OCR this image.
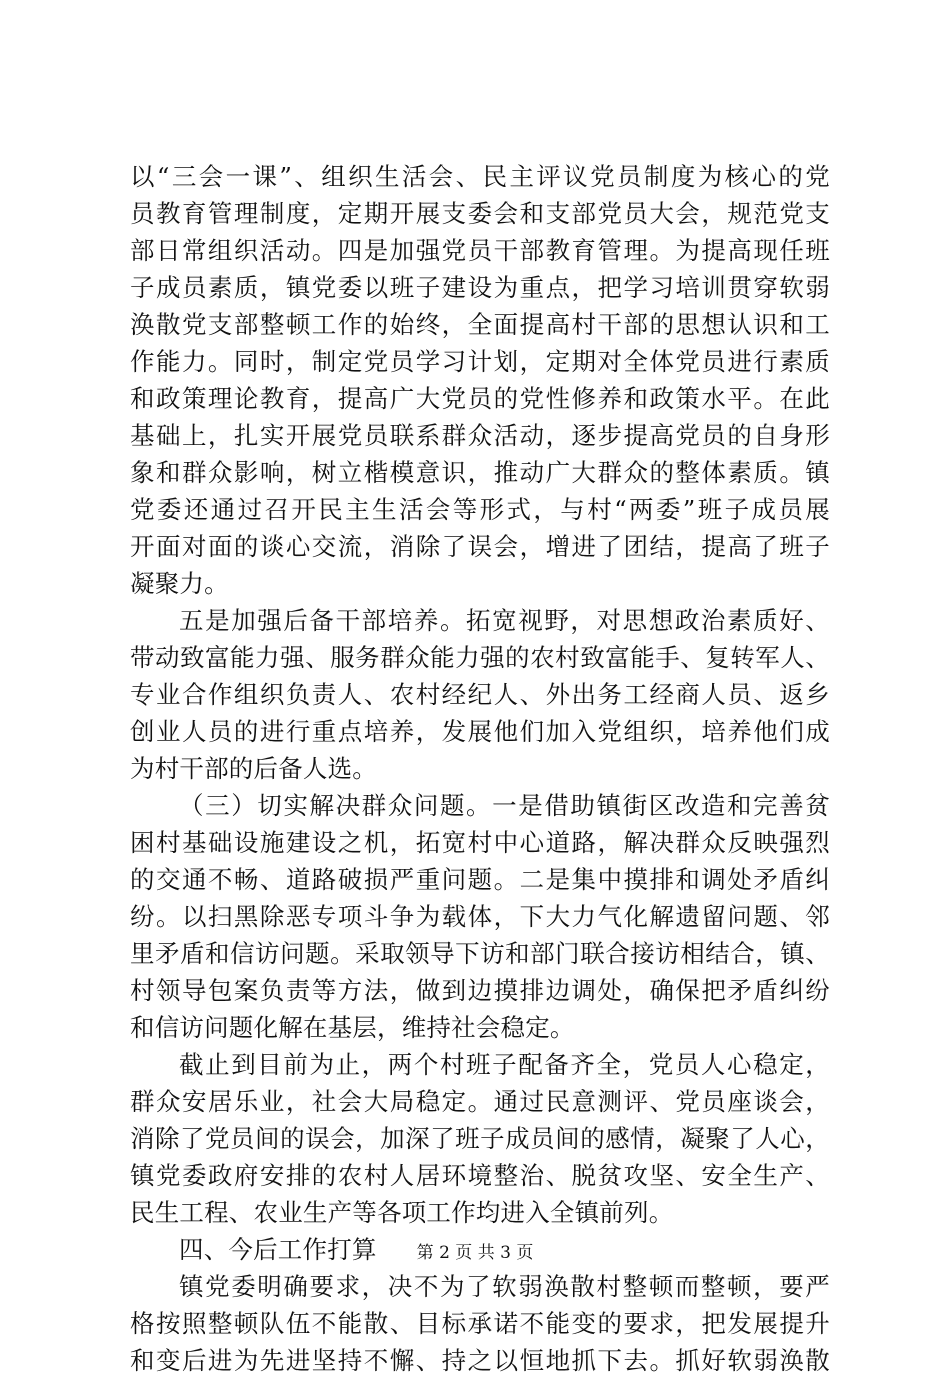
以“三会一课”、组织生活会、民主评议党员制度为核心的党
员教育管理制度，定期开展支委会和支部党员大会，规范党支
部日常组织活动。四是加强党员干部教育管理。为提高现任班
子成员素质，镇党委以班子建设为重点，把学习培训贯穿软弱
涣散党支部整顿工作的始终，全面提高村干部的思想认识和工
作能力。同时，制定党员学习计划，定期对全体党员进行素质
和政策理论教育，提高广大党员的党性修养和政策水平。在此
基础上，扎实开展党员联系群众活动，逐步提高党员的自身形
象和群众影响，树立楷模意识，推动广大群众的整体素质。镇
党委还通过召开民主生活会等形式，与村“两委”班子成员展
开面对面的谈心交流，消除了误会，增进了团结，提高了班子
凝聚力。
五是加强后备干部培养。拓宽视野，对思想政治素质好、
带动致富能力强、服务群众能力强的农村致富能手、复转军人、
专业合作组织负责人、农村经纪人、外出务工经商人员、返乡
创业人员的进行重点培养，发展他们加入党组织，培养他们成
为村干部的后备人选。
（三）切实解决群众问题。一是借助镇街区改造和完善贫
困村基础设施建设之机，拓宽村中心道路，解决群众反映强烈
的交通不畅、道路破损严重问题。二是集中摸排和调处矛盾纠
纷。以扫黑除恶专项斗争为载体，下大力气化解遗留问题、邻
里矛盾和信访问题。采取领导下访和部门联合接访相结合，镇、
村领导包案负责等方法，做到边摸排边调处，确保把矛盾纠纷
和信访问题化解在基层，维持社会稳定。
截止到目前为止，两个村班子配备齐全，党员人心稳定，
群众安居乐业，社会大局稳定。通过民意测评、党员座谈会，
消除了党员间的误会，加深了班子成员间的感情，凝聚了人心，
镇党委政府安排的农村人居环境整治、脱贫攻坚、安全生产、
民生工程、农业生产等各项工作均进入全镇前列。
四、今后工作打算
镇党委明确要求，决不为了软弱涣散村整顿而整顿，要严
格按照整顿队伍不能散、目标承诺不能变的要求，把发展提升
和变后进为先进坚持不懈、持之以恒地抓下去。抓好软弱涣散
第 2 页 共 3 页
